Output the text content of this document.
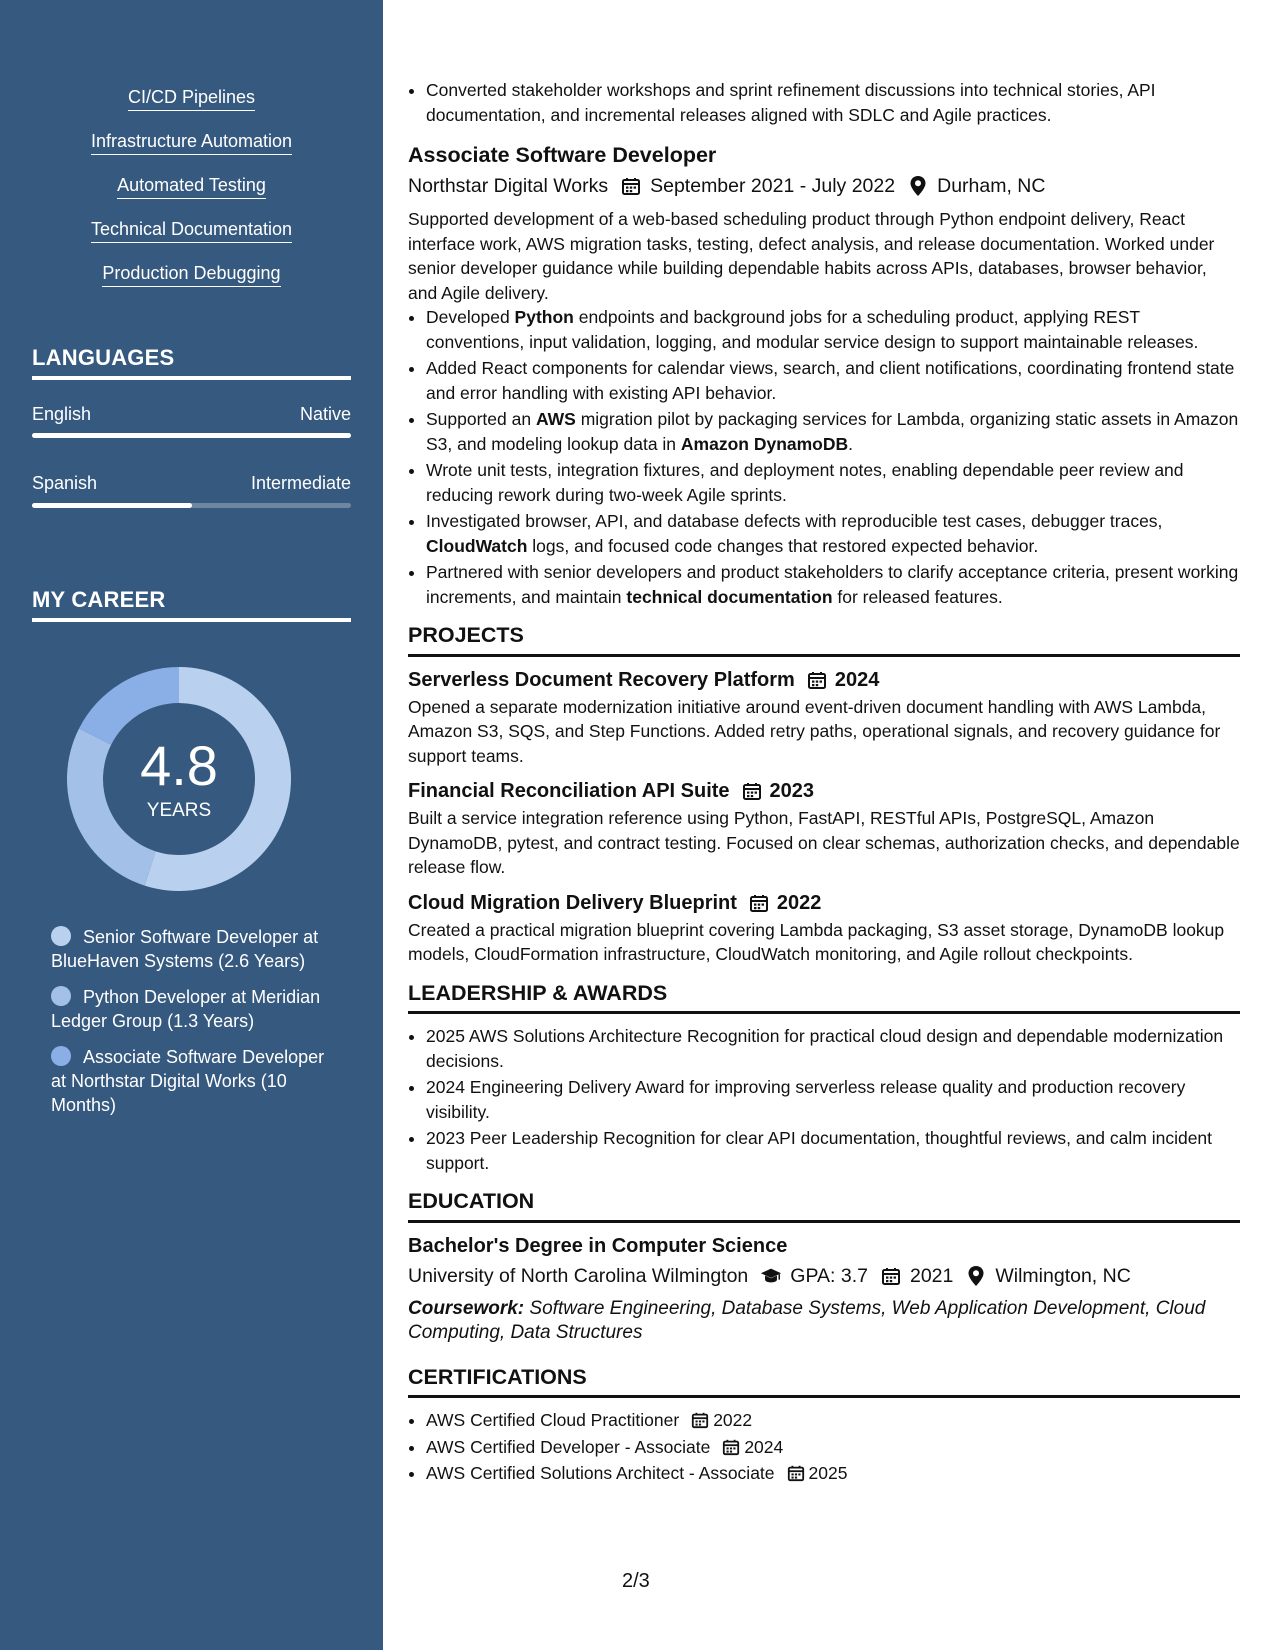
CI/CD Pipelines
Infrastructure Automation
Automated Testing
Technical Documentation
Production Debugging
LANGUAGES
English	Native
Spanish	Intermediate
MY CAREER
4.8
YEARS
Senior Software Developer at BlueHaven Systems (2.6 Years)
Python Developer at Meridian Ledger Group (1.3 Years)
Associate Software Developer at Northstar Digital Works (10 Months)
• Converted stakeholder workshops and sprint refinement discussions into technical stories, API documentation, and incremental releases aligned with SDLC and Agile practices.
Associate Software Developer
Northstar Digital Works September 2021 - July 2022 Durham, NC

Supported development of a web-based scheduling product through Python endpoint delivery, React interface work, AWS migration tasks, testing, defect analysis, and release documentation. Worked under senior developer guidance while building dependable habits across APIs, databases, browser behavior, and Agile delivery.

• Developed Python endpoints and background jobs for a scheduling product, applying REST conventions, input validation, logging, and modular service design to support maintainable releases.
• Added React components for calendar views, search, and client notifications, coordinating frontend state and error handling with existing API behavior.
• Supported an AWS migration pilot by packaging services for Lambda, organizing static assets in Amazon S3, and modeling lookup data in Amazon DynamoDB.
• Wrote unit tests, integration fixtures, and deployment notes, enabling dependable peer review and reducing rework during two-week Agile sprints.
• Investigated browser, API, and database defects with reproducible test cases, debugger traces, CloudWatch logs, and focused code changes that restored expected behavior.
• Partnered with senior developers and product stakeholders to clarify acceptance criteria, present working increments, and maintain technical documentation for released features.
PROJECTS
Serverless Document Recovery Platform 2024

Opened a separate modernization initiative around event-driven document handling with AWS Lambda, Amazon S3, SQS, and Step Functions. Added retry paths, operational signals, and recovery guidance for support teams.

Financial Reconciliation API Suite 2023

Built a service integration reference using Python, FastAPI, RESTful APIs, PostgreSQL, Amazon DynamoDB, pytest, and contract testing. Focused on clear schemas, authorization checks, and dependable release flow.

Cloud Migration Delivery Blueprint 2022

Created a practical migration blueprint covering Lambda packaging, S3 asset storage, DynamoDB lookup models, CloudFormation infrastructure, CloudWatch monitoring, and Agile rollout checkpoints.

LEADERSHIP & AWARDS
• 2025 AWS Solutions Architecture Recognition for practical cloud design and dependable modernization decisions.
• 2024 Engineering Delivery Award for improving serverless release quality and production recovery visibility.
• 2023 Peer Leadership Recognition for clear API documentation, thoughtful reviews, and calm incident support.
EDUCATION
Bachelor's Degree in Computer Science
University of North Carolina Wilmington GPA: 3.7 2021 Wilmington, NC
Coursework: Software Engineering, Database Systems, Web Application Development, Cloud Computing, Data Structures
CERTIFICATIONS
• AWS Certified Cloud Practitioner 2022
• AWS Certified Developer - Associate 2024
• AWS Certified Solutions Architect - Associate 2025
2/3
